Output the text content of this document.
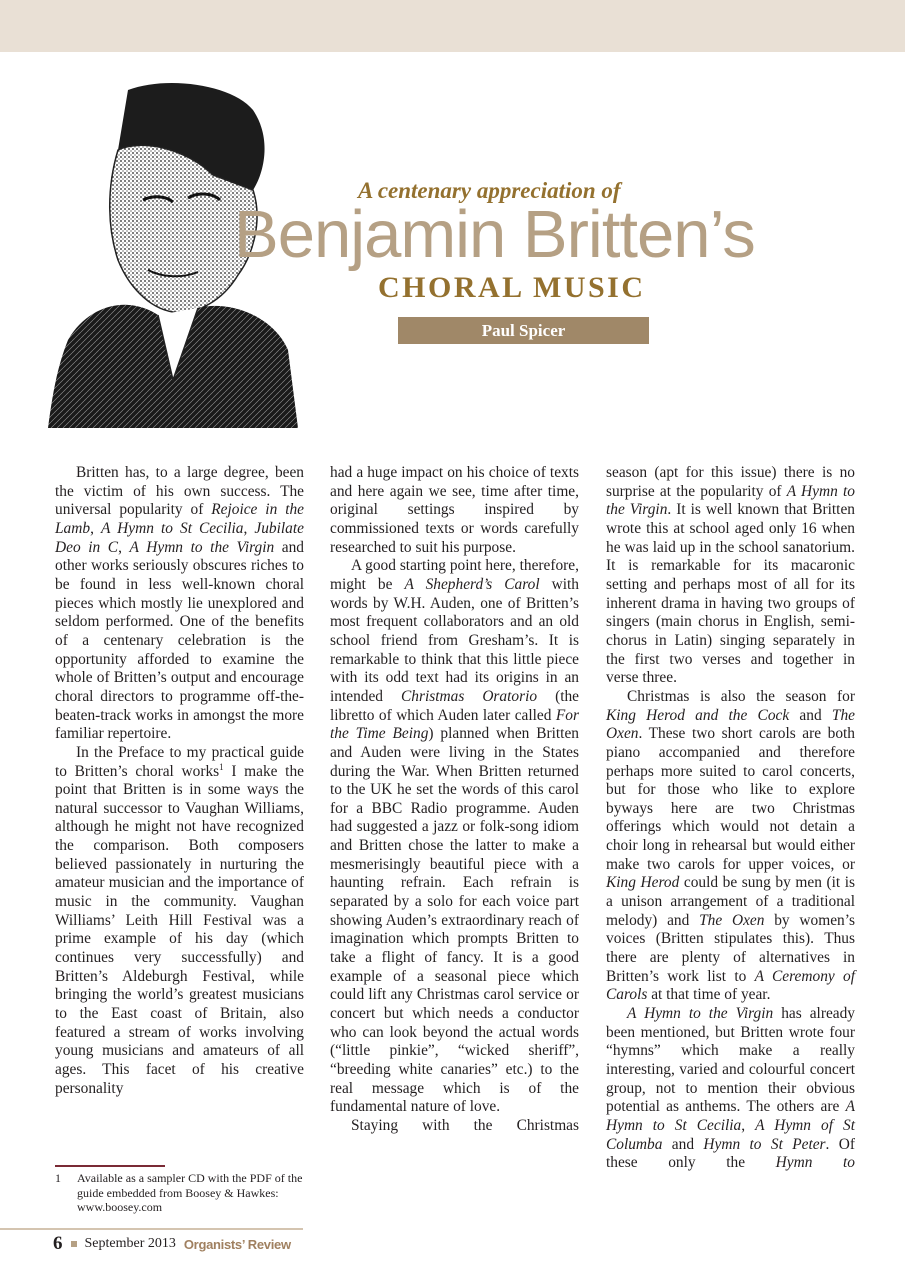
A centenary appreciation of
Benjamin Britten’s
CHORAL MUSIC
Paul Spicer

Britten has, to a large degree, been the victim of his own success. The universal popularity of Rejoice in the Lamb, A Hymn to St Cecilia, Jubilate Deo in C, A Hymn to the Virgin and other works seriously obscures riches to be found in less well-known choral pieces which mostly lie unexplored and seldom performed. One of the benefits of a centenary celebration is the opportunity afforded to examine the whole of Britten’s output and encourage choral directors to programme off-the-beaten-track works in amongst the more familiar repertoire.

In the Preface to my practical guide to Britten’s choral works$^1$ I make the point that Britten is in some ways the natural successor to Vaughan Williams, although he might not have recognized the comparison. Both composers believed passionately in nurturing the amateur musician and the importance of music in the community. Vaughan Williams’ Leith Hill Festival was a prime example of his day (which continues very successfully) and Britten’s Aldeburgh Festival, while bringing the world’s greatest musicians to the East coast of Britain, also featured a stream of works involving young musicians and amateurs of all ages. This facet of his creative personality

had a huge impact on his choice of texts and here again we see, time after time, original settings inspired by commissioned texts or words carefully researched to suit his purpose.

A good starting point here, therefore, might be A Shepherd’s Carol with words by W.H. Auden, one of Britten’s most frequent collaborators and an old school friend from Gresham’s. It is remarkable to think that this little piece with its odd text had its origins in an intended Christmas Oratorio (the libretto of which Auden later called For the Time Being) planned when Britten and Auden were living in the States during the War. When Britten returned to the UK he set the words of this carol for a BBC Radio programme. Auden had suggested a jazz or folk-song idiom and Britten chose the latter to make a mesmerisingly beautiful piece with a haunting refrain. Each refrain is separated by a solo for each voice part showing Auden’s extraordinary reach of imagination which prompts Britten to take a flight of fancy. It is a good example of a seasonal piece which could lift any Christmas carol service or concert but which needs a conductor who can look beyond the actual words (“little pinkie”, “wicked sheriff”, “breeding white canaries” etc.) to the real message which is of the fundamental nature of love.

Staying with the Christmas

season (apt for this issue) there is no surprise at the popularity of A Hymn to the Virgin. It is well known that Britten wrote this at school aged only 16 when he was laid up in the school sanatorium. It is remarkable for its macaronic setting and perhaps most of all for its inherent drama in having two groups of singers (main chorus in English, semi-chorus in Latin) singing separately in the first two verses and together in verse three.

Christmas is also the season for King Herod and the Cock and The Oxen. These two short carols are both piano accompanied and therefore perhaps more suited to carol concerts, but for those who like to explore byways here are two Christmas offerings which would not detain a choir long in rehearsal but would either make two carols for upper voices, or King Herod could be sung by men (it is a unison arrangement of a traditional melody) and The Oxen by women’s voices (Britten stipulates this). Thus there are plenty of alternatives in Britten’s work list to A Ceremony of Carols at that time of year.

A Hymn to the Virgin has already been mentioned, but Britten wrote four “hymns” which make a really interesting, varied and colourful concert group, not to mention their obvious potential as anthems. The others are A Hymn to St Cecilia, A Hymn of St Columba and Hymn to St Peter. Of these only the Hymn to

1	Available as a sampler CD with the PDF of the guide embedded from Boosey & Hawkes: www.boosey.com
6 September 2013 Organists’ Review
